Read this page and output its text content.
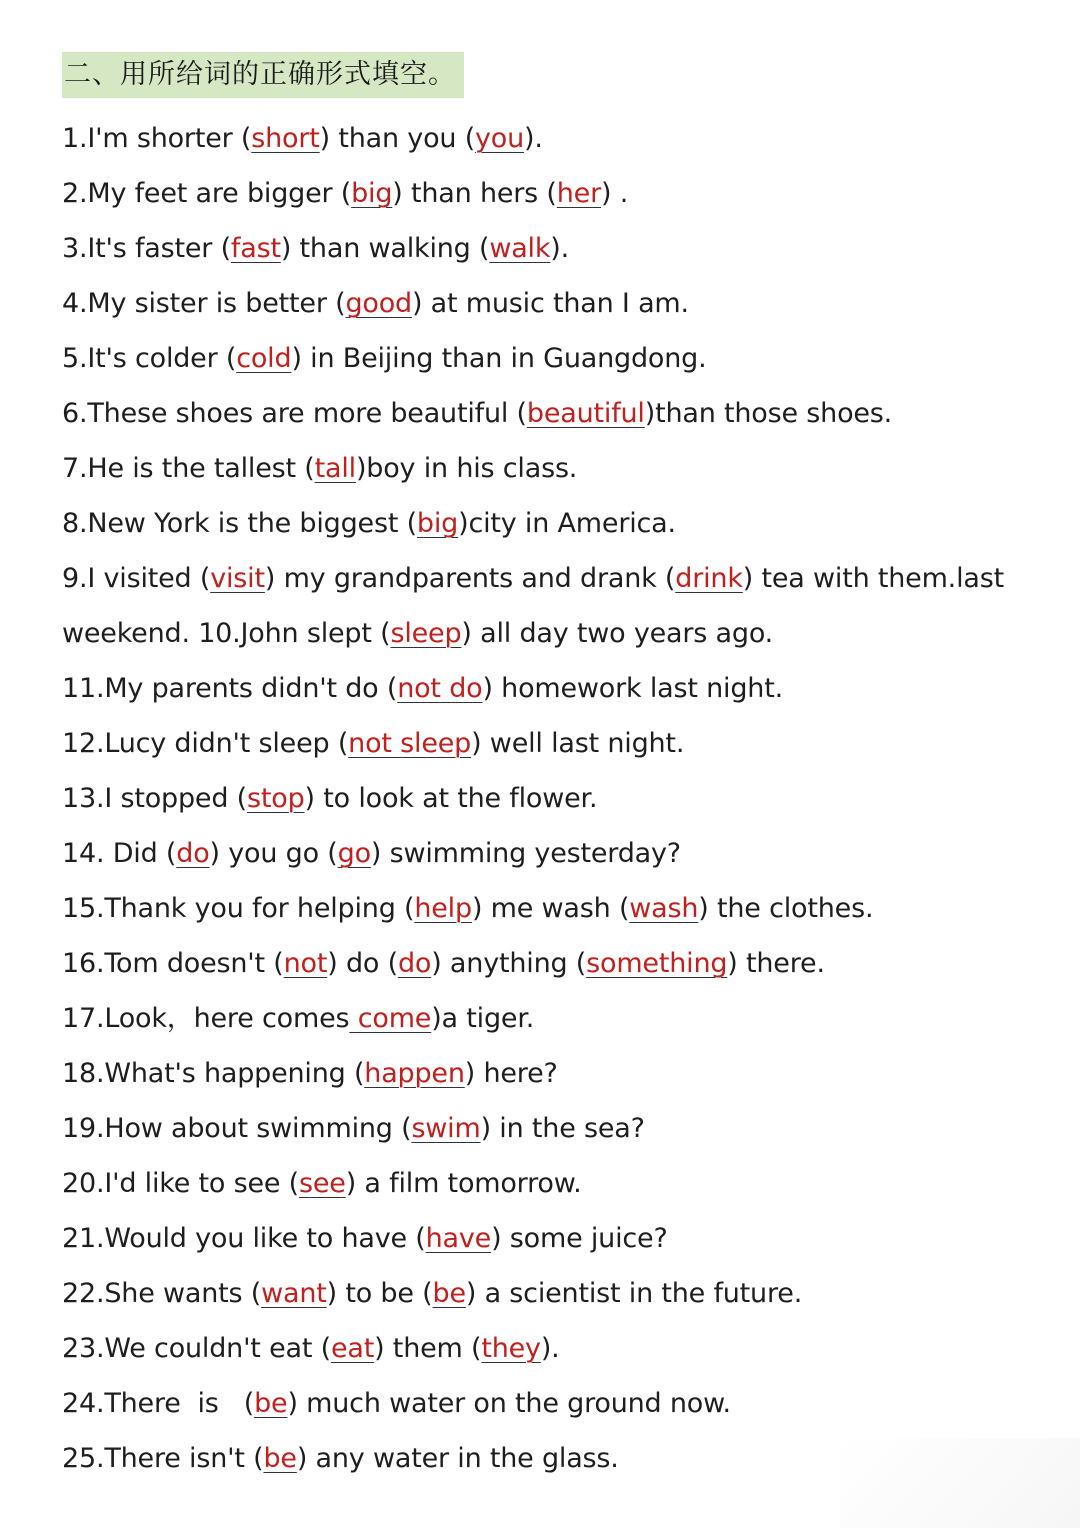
二、用所给词的正确形式填空。
1.I'm shorter (short) than you (you).
2.My feet are bigger (big) than hers (her) .
3.It's faster (fast) than walking (walk).
4.My sister is better (good) at music than I am.
5.It's colder (cold) in Beijing than in Guangdong.
6.These shoes are more beautiful (beautiful)than those shoes.
7.He is the tallest (tall)boy in his class.
8.New York is the biggest (big)city in America.
9.I visited (visit) my grandparents and drank (drink) tea with them.last
weekend. 10.John slept (sleep) all day two years ago.
11.My parents didn't do (not do) homework last night.
12.Lucy didn't sleep (not sleep) well last night.
13.I stopped (stop) to look at the flower.
14. Did (do) you go (go) swimming yesterday?
15.Thank you for helping (help) me wash (wash) the clothes.
16.Tom doesn't (not) do (do) anything (something) there.
17.Look，here comes come)a tiger.
18.What's happening (happen) here?
19.How about swimming (swim) in the sea?
20.I'd like to see (see) a film tomorrow.
21.Would you like to have (have) some juice?
22.She wants (want) to be (be) a scientist in the future.
23.We couldn't eat (eat) them (they).
24.There  is   (be) much water on the ground now.
25.There isn't (be) any water in the glass.
